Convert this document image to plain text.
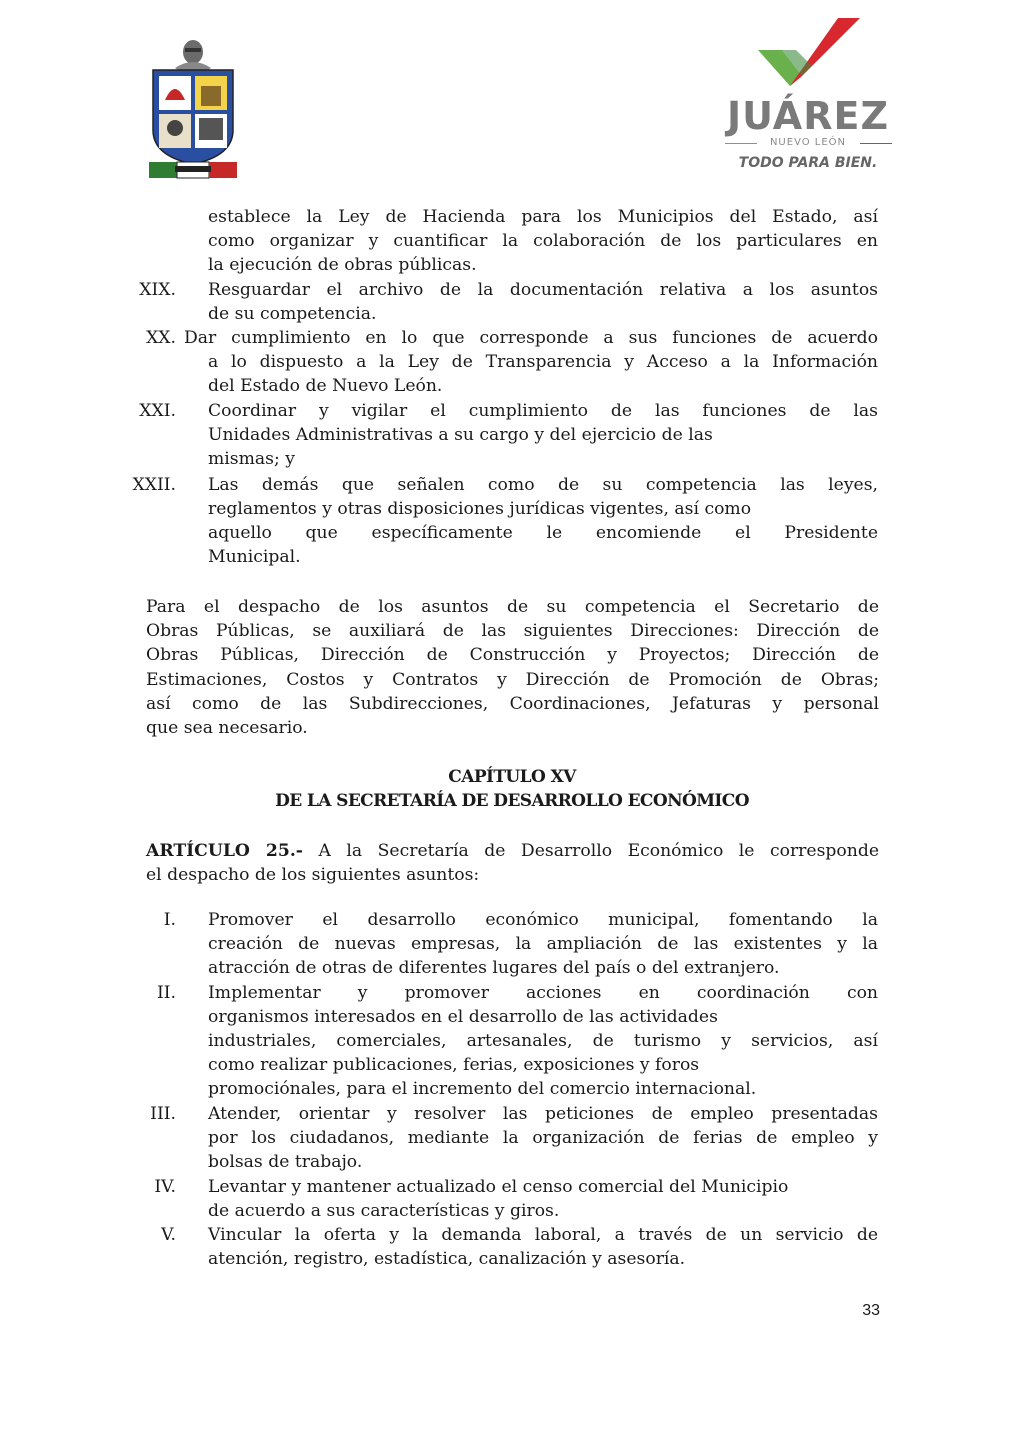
JUÁREZ
NUEVO LEÓN
TODO PARA BIEN.
establece la Ley de Hacienda para los Municipios del Estado, así
como organizar y cuantificar la colaboración de los particulares en
la ejecución de obras públicas.
XIX. Resguardar el archivo de la documentación relativa a los asuntos
de su competencia.
XX. Dar cumplimiento en lo que corresponde a sus funciones de acuerdo
a lo dispuesto a la Ley de Transparencia y Acceso a la Información
del Estado de Nuevo León.
XXI. Coordinar y vigilar el cumplimiento de las funciones de las
Unidades Administrativas a su cargo y del ejercicio de las
mismas; y
XXII. Las demás que señalen como de su competencia las leyes,
reglamentos y otras disposiciones jurídicas vigentes, así como
aquello que específicamente le encomiende el Presidente
Municipal.
Para el despacho de los asuntos de su competencia el Secretario de
Obras Públicas, se auxiliará de las siguientes Direcciones: Dirección de
Obras Públicas, Dirección de Construcción y Proyectos; Dirección de
Estimaciones, Costos y Contratos y Dirección de Promoción de Obras;
así como de las Subdirecciones, Coordinaciones, Jefaturas y personal
que sea necesario.
CAPÍTULO XV
DE LA SECRETARÍA DE DESARROLLO ECONÓMICO
ARTÍCULO 25.- A la Secretaría de Desarrollo Económico le corresponde
el despacho de los siguientes asuntos:
I. Promover el desarrollo económico municipal, fomentando la
creación de nuevas empresas, la ampliación de las existentes y la
atracción de otras de diferentes lugares del país o del extranjero.
II. Implementar y promover acciones en coordinación con
organismos interesados en el desarrollo de las actividades
industriales, comerciales, artesanales, de turismo y servicios, así
como realizar publicaciones, ferias, exposiciones y foros
promociónales, para el incremento del comercio internacional.
III. Atender, orientar y resolver las peticiones de empleo presentadas
por los ciudadanos, mediante la organización de ferias de empleo y
bolsas de trabajo.
IV. Levantar y mantener actualizado el censo comercial del Municipio
de acuerdo a sus características y giros.
V. Vincular la oferta y la demanda laboral, a través de un servicio de
atención, registro, estadística, canalización y asesoría.
33
